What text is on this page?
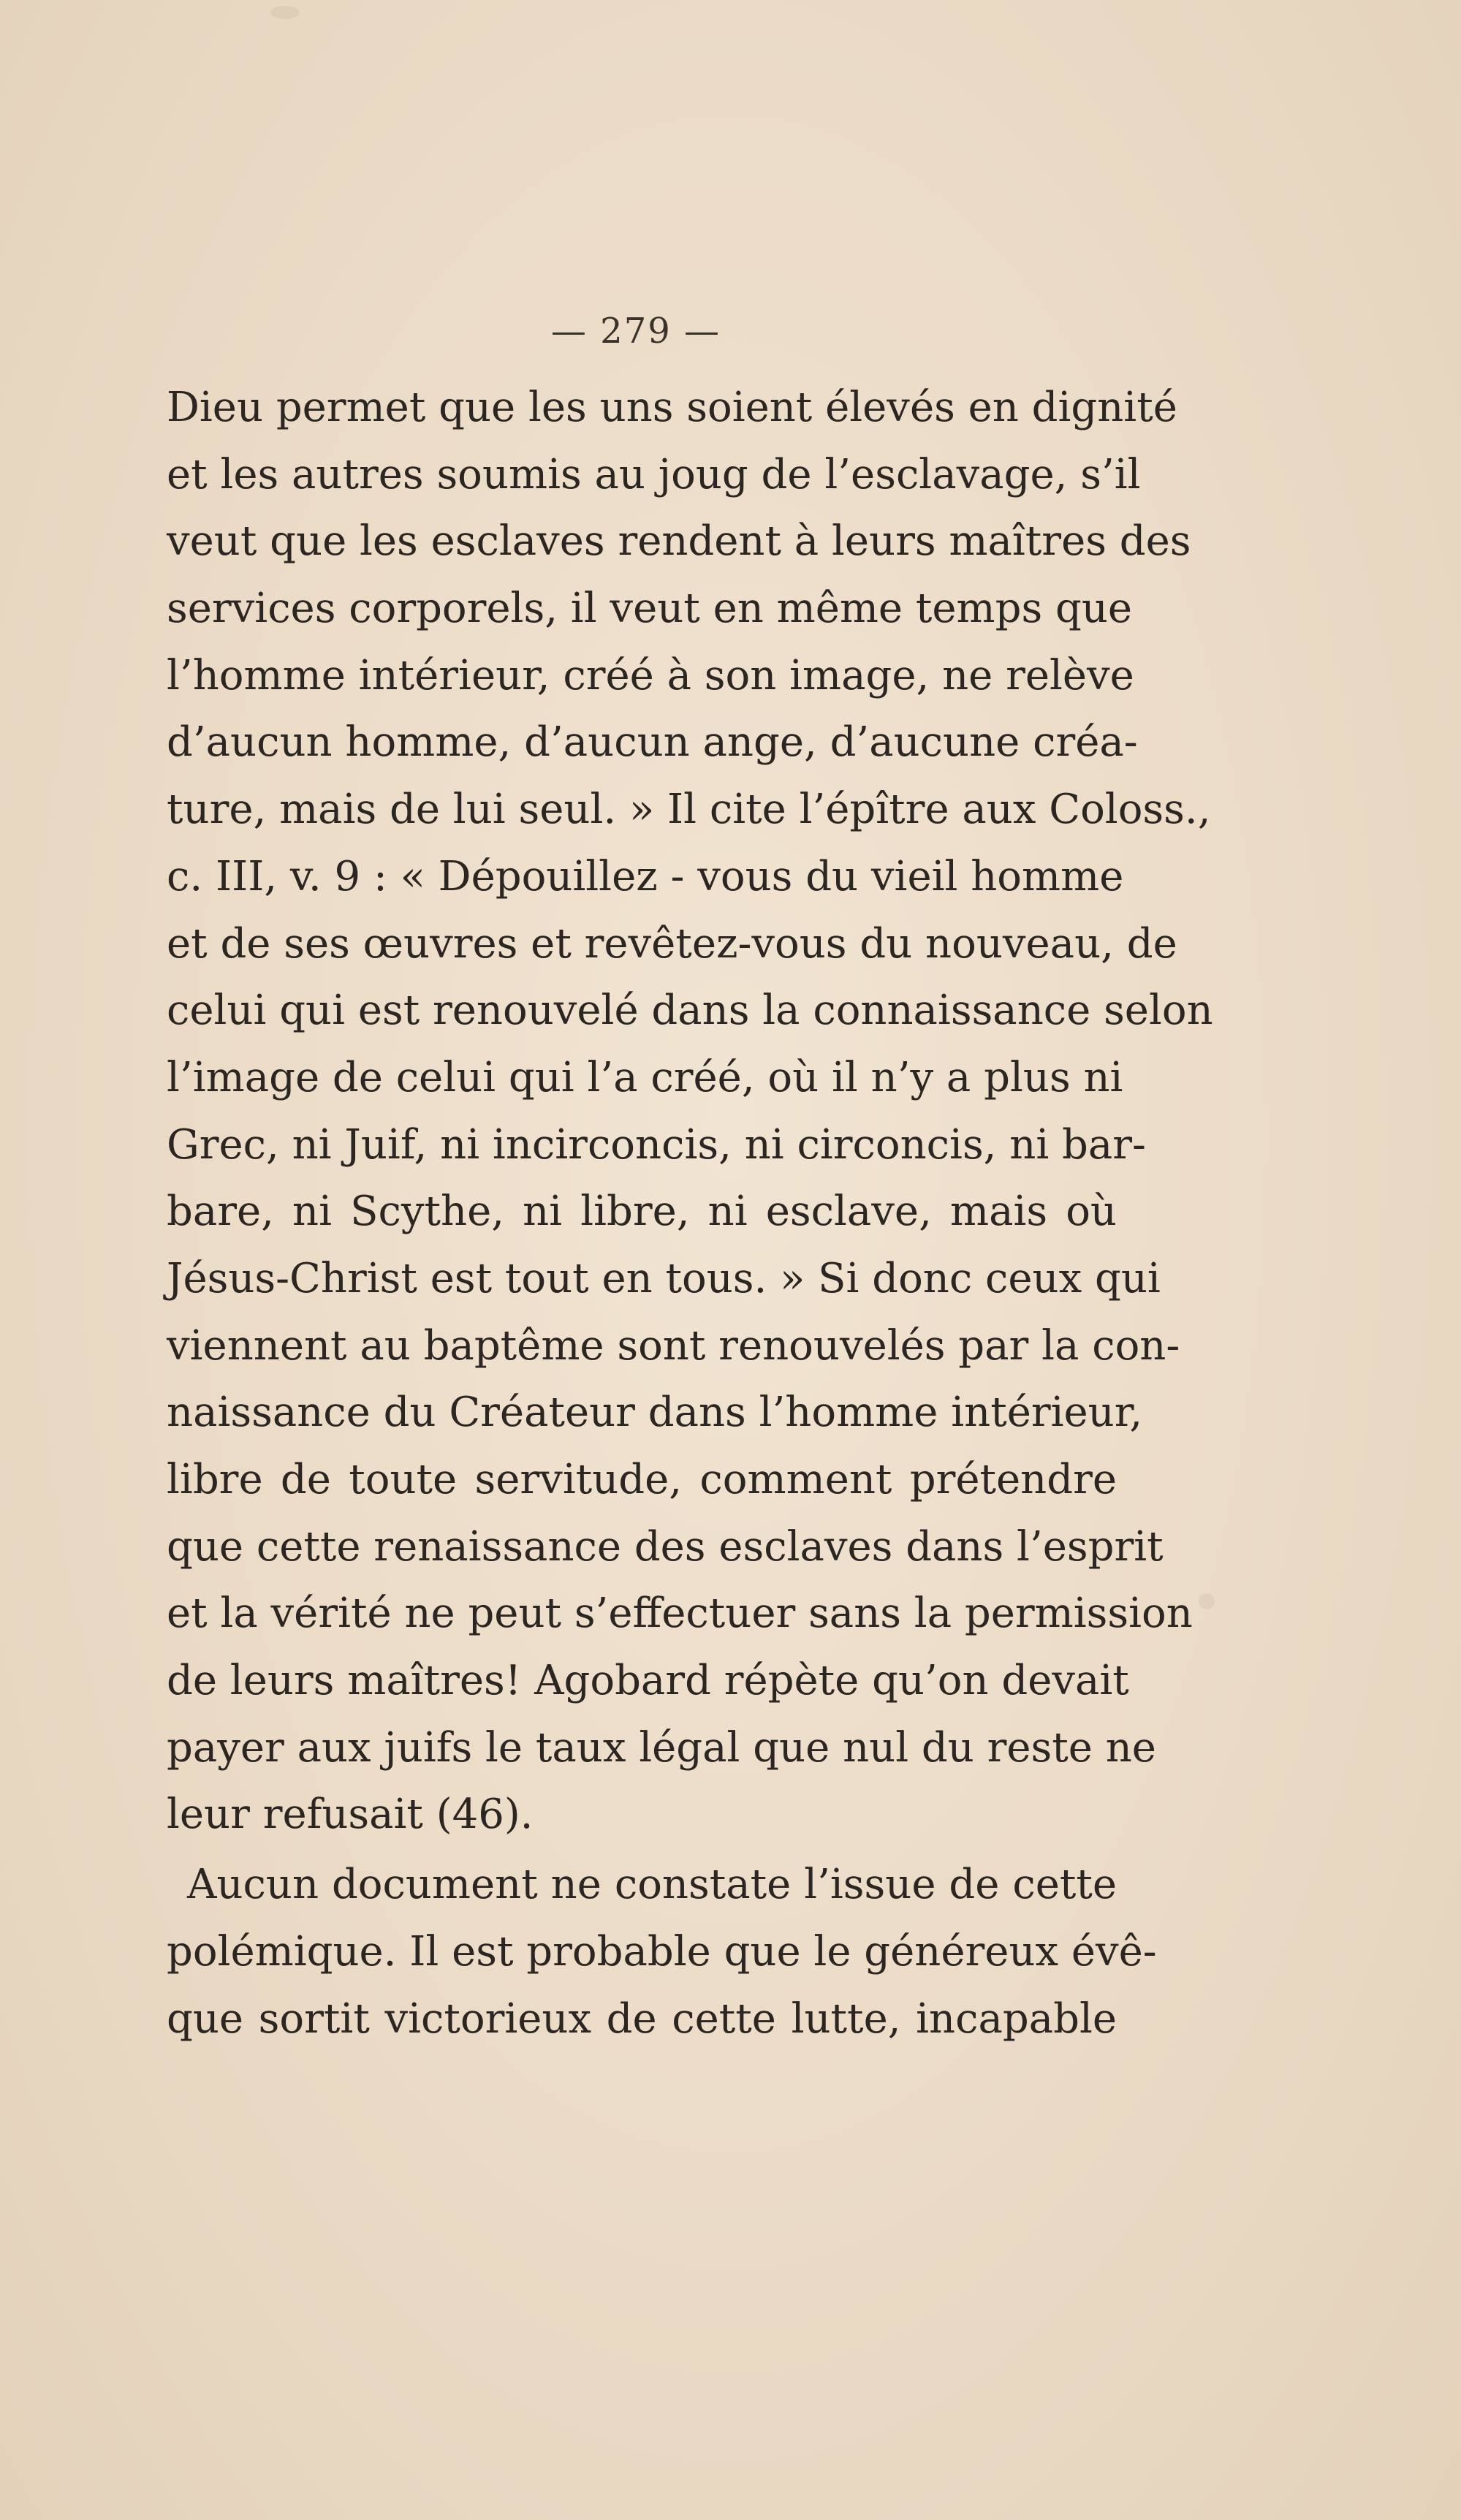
— 279 —
Dieu permet que les uns soient élevés en dignité
et les autres soumis au joug de l’esclavage, s’il
veut que les esclaves rendent à leurs maîtres des
services corporels, il veut en même temps que
l’homme intérieur, créé à son image, ne relève
d’aucun homme, d’aucun ange, d’aucune créa-
ture, mais de lui seul. » Il cite l’épître aux Coloss.,
c. III, v. 9 : « Dépouillez - vous du vieil homme
et de ses œuvres et revêtez-vous du nouveau, de
celui qui est renouvelé dans la connaissance selon
l’image de celui qui l’a créé, où il n’y a plus ni
Grec, ni Juif, ni incirconcis, ni circoncis, ni bar-
bare, ni Scythe, ni libre, ni esclave, mais où
Jésus-Christ est tout en tous. » Si donc ceux qui
viennent au baptême sont renouvelés par la con-
naissance du Créateur dans l’homme intérieur,
libre de toute servitude, comment prétendre
que cette renaissance des esclaves dans l’esprit
et la vérité ne peut s’effectuer sans la permission
de leurs maîtres! Agobard répète qu’on devait
payer aux juifs le taux légal que nul du reste ne
leur refusait (46).
Aucun document ne constate l’issue de cette
polémique. Il est probable que le généreux évê-
que sortit victorieux de cette lutte, incapable
